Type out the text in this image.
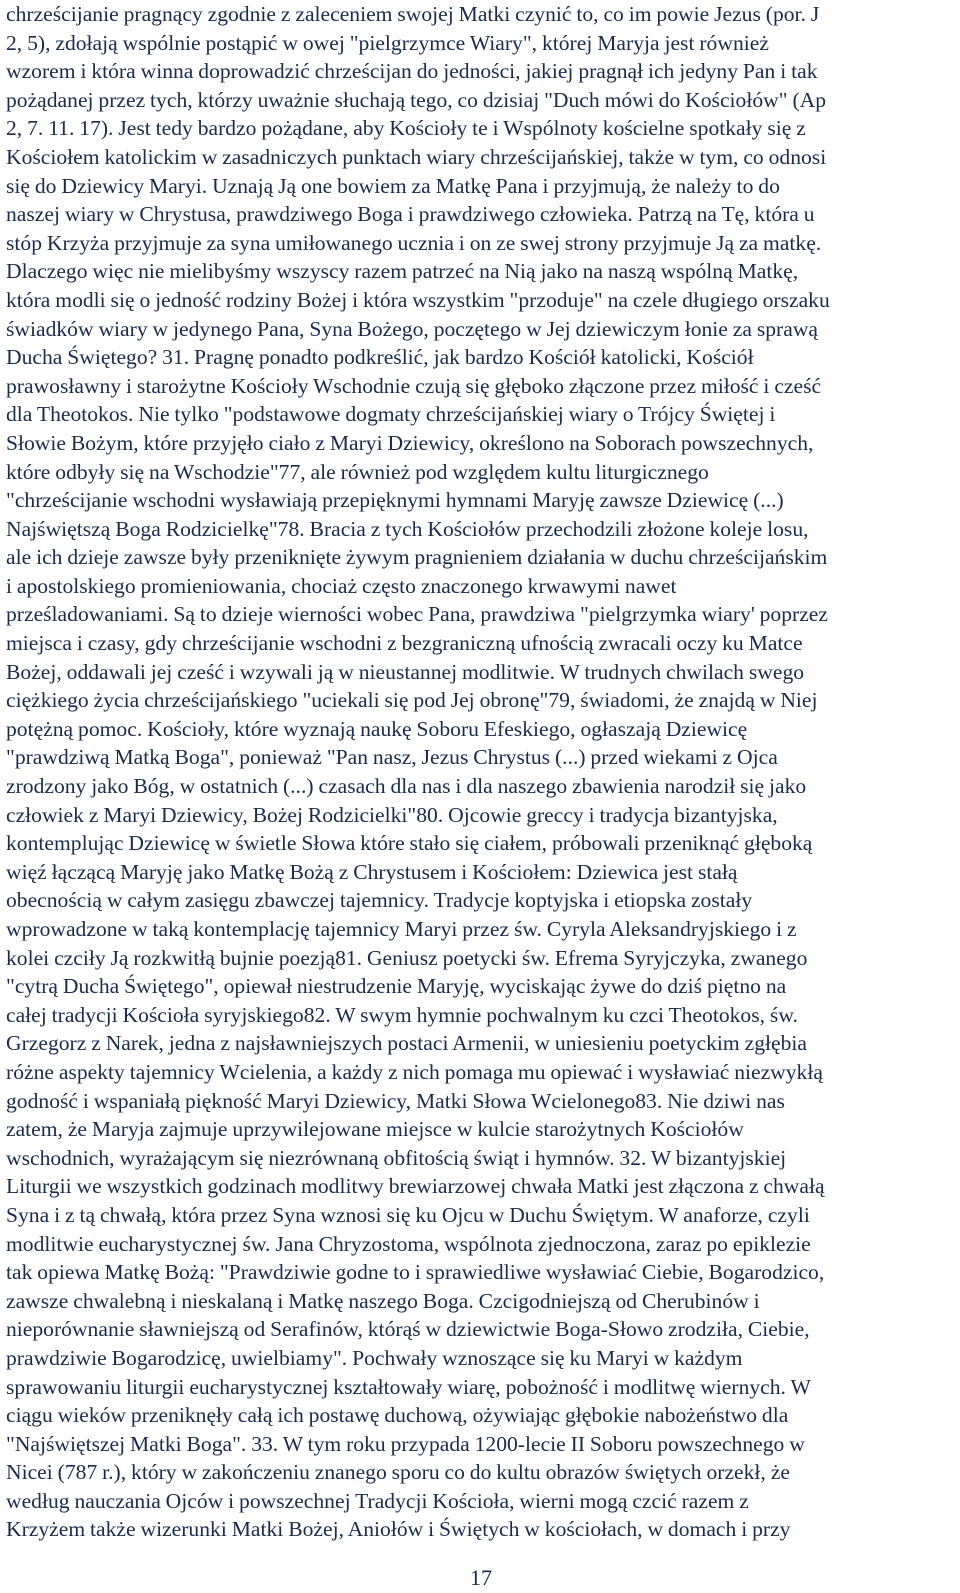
chrześcijanie pragnący zgodnie z zaleceniem swojej Matki czynić to, co im powie Jezus (por. J
2, 5), zdołają wspólnie postąpić w owej "pielgrzymce Wiary", której Maryja jest również
wzorem i która winna doprowadzić chrześcijan do jedności, jakiej pragnął ich jedyny Pan i tak
pożądanej przez tych, którzy uważnie słuchają tego, co dzisiaj "Duch mówi do Kościołów" (Ap
2, 7. 11. 17). Jest tedy bardzo pożądane, aby Kościoły te i Wspólnoty kościelne spotkały się z
Kościołem katolickim w zasadniczych punktach wiary chrześcijańskiej, także w tym, co odnosi
się do Dziewicy Maryi. Uznają Ją one bowiem za Matkę Pana i przyjmują, że należy to do
naszej wiary w Chrystusa, prawdziwego Boga i prawdziwego człowieka. Patrzą na Tę, która u
stóp Krzyża przyjmuje za syna umiłowanego ucznia i on ze swej strony przyjmuje Ją za matkę.
Dlaczego więc nie mielibyśmy wszyscy razem patrzeć na Nią jako na naszą wspólną Matkę,
która modli się o jedność rodziny Bożej i która wszystkim "przoduje" na czele długiego orszaku
świadków wiary w jedynego Pana, Syna Bożego, poczętego w Jej dziewiczym łonie za sprawą
Ducha Świętego? 31. Pragnę ponadto podkreślić, jak bardzo Kościół katolicki, Kościół
prawosławny i starożytne Kościoły Wschodnie czują się głęboko złączone przez miłość i cześć
dla Theotokos. Nie tylko "podstawowe dogmaty chrześcijańskiej wiary o Trójcy Świętej i
Słowie Bożym, które przyjęło ciało z Maryi Dziewicy, określono na Soborach powszechnych,
które odbyły się na Wschodzie"77, ale również pod względem kultu liturgicznego
"chrześcijanie wschodni wysławiają przepięknymi hymnami Maryję zawsze Dziewicę (...)
Najświętszą Boga Rodzicielkę"78. Bracia z tych Kościołów przechodzili złożone koleje losu,
ale ich dzieje zawsze były przeniknięte żywym pragnieniem działania w duchu chrześcijańskim
i apostolskiego promieniowania, chociaż często znaczonego krwawymi nawet
prześladowaniami. Są to dzieje wierności wobec Pana, prawdziwa "pielgrzymka wiary' poprzez
miejsca i czasy, gdy chrześcijanie wschodni z bezgraniczną ufnością zwracali oczy ku Matce
Bożej, oddawali jej cześć i wzywali ją w nieustannej modlitwie. W trudnych chwilach swego
ciężkiego życia chrześcijańskiego "uciekali się pod Jej obronę"79, świadomi, że znajdą w Niej
potężną pomoc. Kościoły, które wyznają naukę Soboru Efeskiego, ogłaszają Dziewicę
"prawdziwą Matką Boga", ponieważ "Pan nasz, Jezus Chrystus (...) przed wiekami z Ojca
zrodzony jako Bóg, w ostatnich (...) czasach dla nas i dla naszego zbawienia narodził się jako
człowiek z Maryi Dziewicy, Bożej Rodzicielki"80. Ojcowie greccy i tradycja bizantyjska,
kontemplując Dziewicę w świetle Słowa które stało się ciałem, próbowali przeniknąć głęboką
więź łączącą Maryję jako Matkę Bożą z Chrystusem i Kościołem: Dziewica jest stałą
obecnością w całym zasięgu zbawczej tajemnicy. Tradycje koptyjska i etiopska zostały
wprowadzone w taką kontemplację tajemnicy Maryi przez św. Cyryla Aleksandryjskiego i z
kolei czciły Ją rozkwitłą bujnie poezją81. Geniusz poetycki św. Efrema Syryjczyka, zwanego
"cytrą Ducha Świętego", opiewał niestrudzenie Maryję, wyciskając żywe do dziś piętno na
całej tradycji Kościoła syryjskiego82. W swym hymnie pochwalnym ku czci Theotokos, św.
Grzegorz z Narek, jedna z najsławniejszych postaci Armenii, w uniesieniu poetyckim zgłębia
różne aspekty tajemnicy Wcielenia, a każdy z nich pomaga mu opiewać i wysławiać niezwykłą
godność i wspaniałą piękność Maryi Dziewicy, Matki Słowa Wcielonego83. Nie dziwi nas
zatem, że Maryja zajmuje uprzywilejowane miejsce w kulcie starożytnych Kościołów
wschodnich, wyrażającym się niezrównaną obfitością świąt i hymnów. 32. W bizantyjskiej
Liturgii we wszystkich godzinach modlitwy brewiarzowej chwała Matki jest złączona z chwałą
Syna i z tą chwałą, która przez Syna wznosi się ku Ojcu w Duchu Świętym. W anaforze, czyli
modlitwie eucharystycznej św. Jana Chryzostoma, wspólnota zjednoczona, zaraz po epiklezie
tak opiewa Matkę Bożą: "Prawdziwie godne to i sprawiedliwe wysławiać Ciebie, Bogarodzico,
zawsze chwalebną i nieskalaną i Matkę naszego Boga. Czcigodniejszą od Cherubinów i
nieporównanie sławniejszą od Serafinów, którąś w dziewictwie Boga-Słowo zrodziła, Ciebie,
prawdziwie Bogarodzicę, uwielbiamy". Pochwały wznoszące się ku Maryi w każdym
sprawowaniu liturgii eucharystycznej kształtowały wiarę, pobożność i modlitwę wiernych. W
ciągu wieków przeniknęły całą ich postawę duchową, ożywiając głębokie nabożeństwo dla
"Najświętszej Matki Boga". 33. W tym roku przypada 1200-lecie II Soboru powszechnego w
Nicei (787 r.), który w zakończeniu znanego sporu co do kultu obrazów świętych orzekł, że
według nauczania Ojców i powszechnej Tradycji Kościoła, wierni mogą czcić razem z
Krzyżem także wizerunki Matki Bożej, Aniołów i Świętych w kościołach, w domach i przy
17
